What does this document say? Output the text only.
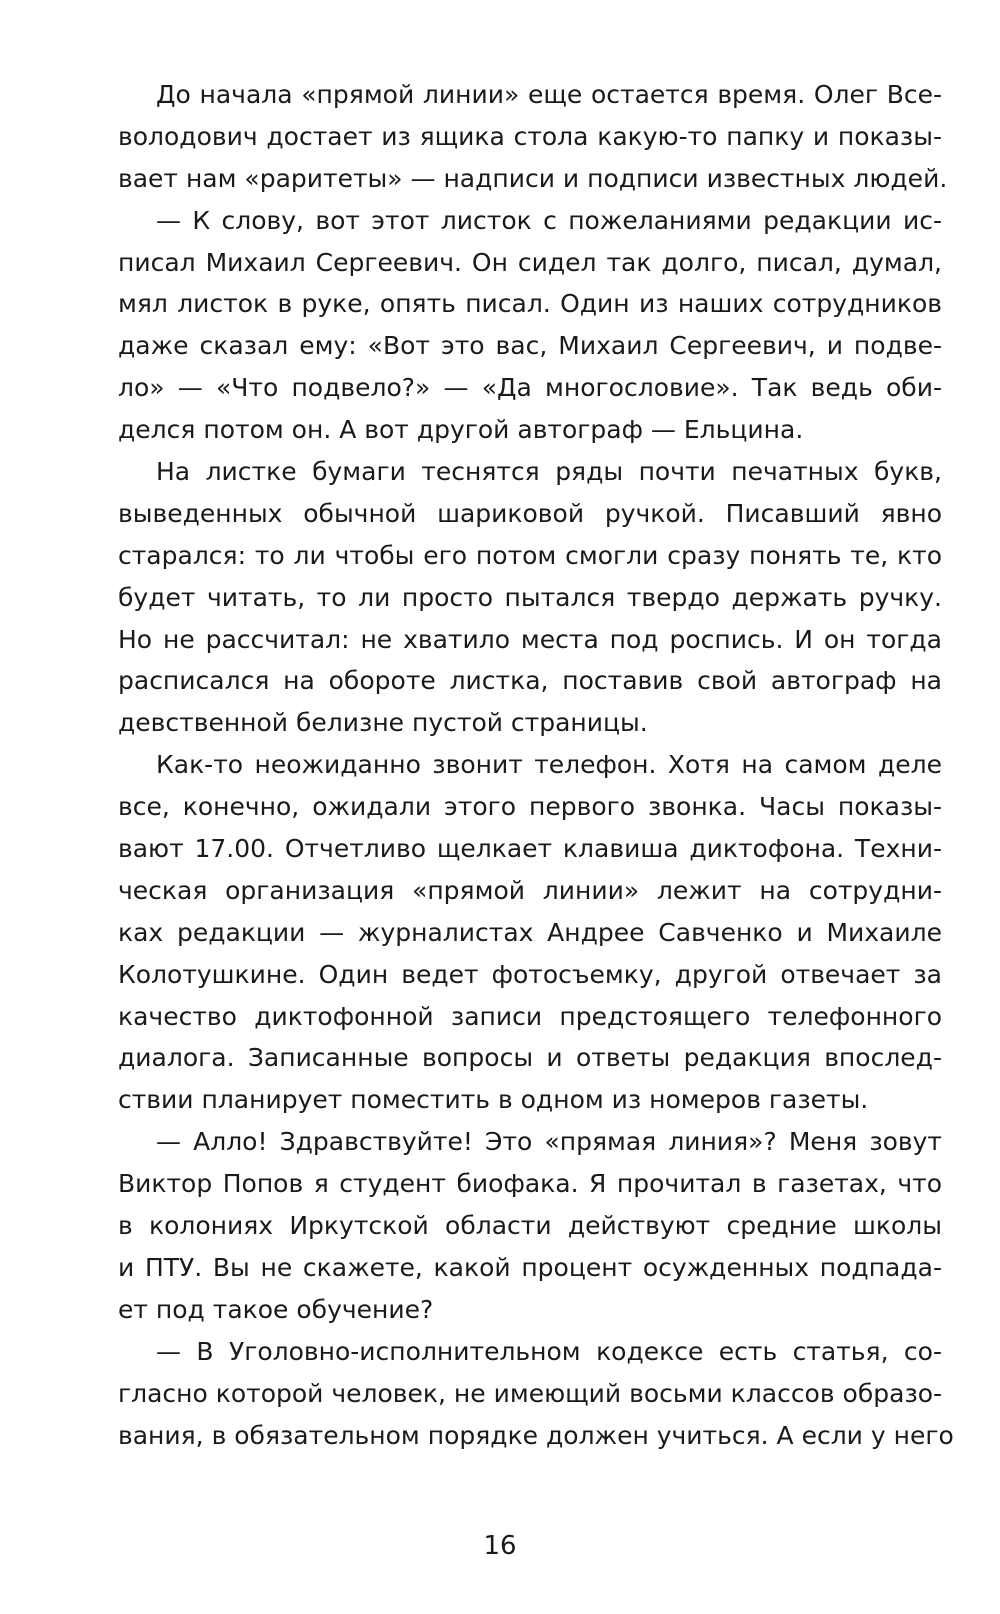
До начала «прямой линии» еще остается время. Олег Все-
володович достает из ящика стола какую-то папку и показы-
вает нам «раритеты» — надписи и подписи известных людей.
— К слову, вот этот листок с пожеланиями редакции ис-
писал Михаил Сергеевич. Он сидел так долго, писал, думал,
мял листок в руке, опять писал. Один из наших сотрудников
даже сказал ему: «Вот это вас, Михаил Сергеевич, и подве-
ло» — «Что подвело?» — «Да многословие». Так ведь оби-
делся потом он. А вот другой автограф — Ельцина.
На листке бумаги теснятся ряды почти печатных букв,
выведенных обычной шариковой ручкой. Писавший явно
старался: то ли чтобы его потом смогли сразу понять те, кто
будет читать, то ли просто пытался твердо держать ручку.
Но не рассчитал: не хватило места под роспись. И он тогда
расписался на обороте листка, поставив свой автограф на
девственной белизне пустой страницы.
Как-то неожиданно звонит телефон. Хотя на самом деле
все, конечно, ожидали этого первого звонка. Часы показы-
вают 17.00. Отчетливо щелкает клавиша диктофона. Техни-
ческая организация «прямой линии» лежит на сотрудни-
ках редакции — журналистах Андрее Савченко и Михаиле
Колотушкине. Один ведет фотосъемку, другой отвечает за
качество диктофонной записи предстоящего телефонного
диалога. Записанные вопросы и ответы редакция впослед-
ствии планирует поместить в одном из номеров газеты.
— Алло! Здравствуйте! Это «прямая линия»? Меня зовут
Виктор Попов я студент биофака. Я прочитал в газетах, что
в колониях Иркутской области действуют средние школы
и ПТУ. Вы не скажете, какой процент осужденных подпада-
ет под такое обучение?
— В Уголовно-исполнительном кодексе есть статья, со-
гласно которой человек, не имеющий восьми классов образо-
вания, в обязательном порядке должен учиться. А если у него
16
